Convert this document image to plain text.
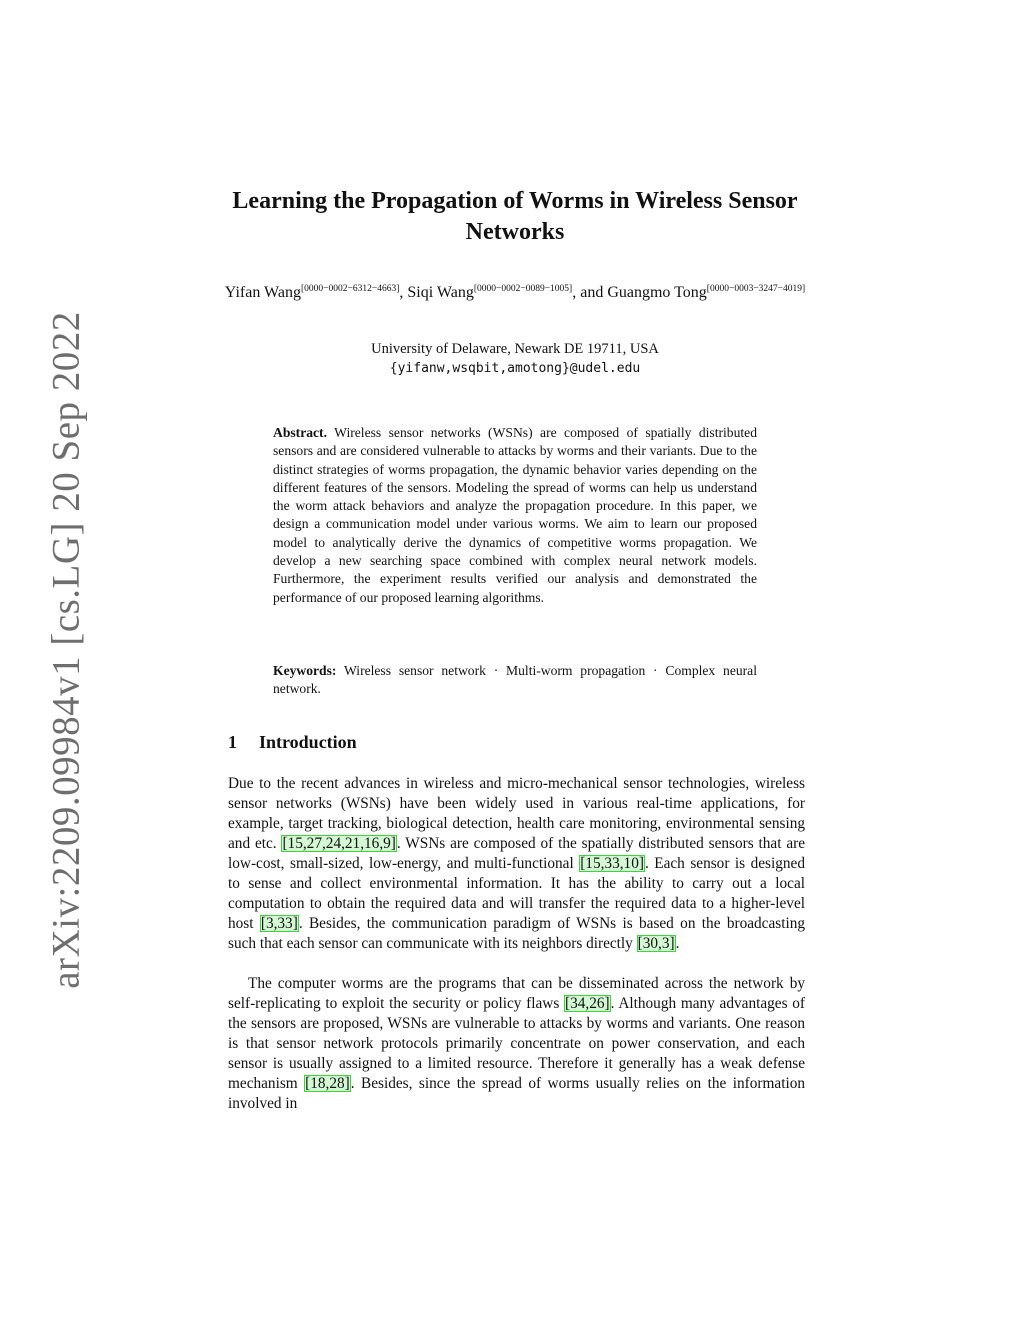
arXiv:2209.09984v1 [cs.LG] 20 Sep 2022
Learning the Propagation of Worms in Wireless Sensor Networks
Yifan Wang[0000−0002−6312−4663], Siqi Wang[0000−0002−0089−1005], and Guangmo Tong[0000−0003−3247−4019]
University of Delaware, Newark DE 19711, USA
{yifanw,wsqbit,amotong}@udel.edu
Abstract. Wireless sensor networks (WSNs) are composed of spatially distributed sensors and are considered vulnerable to attacks by worms and their variants. Due to the distinct strategies of worms propagation, the dynamic behavior varies depending on the different features of the sensors. Modeling the spread of worms can help us understand the worm attack behaviors and analyze the propagation procedure. In this paper, we design a communication model under various worms. We aim to learn our proposed model to analytically derive the dynamics of competitive worms propagation. We develop a new searching space combined with complex neural network models. Furthermore, the experiment results verified our analysis and demonstrated the performance of our proposed learning algorithms.
Keywords: Wireless sensor network · Multi-worm propagation · Complex neural network.
1 Introduction
Due to the recent advances in wireless and micro-mechanical sensor technologies, wireless sensor networks (WSNs) have been widely used in various real-time applications, for example, target tracking, biological detection, health care monitoring, environmental sensing and etc. [15,27,24,21,16,9]. WSNs are composed of the spatially distributed sensors that are low-cost, small-sized, low-energy, and multi-functional [15,33,10]. Each sensor is designed to sense and collect environmental information. It has the ability to carry out a local computation to obtain the required data and will transfer the required data to a higher-level host [3,33]. Besides, the communication paradigm of WSNs is based on the broadcasting such that each sensor can communicate with its neighbors directly [30,3].
The computer worms are the programs that can be disseminated across the network by self-replicating to exploit the security or policy flaws [34,26]. Although many advantages of the sensors are proposed, WSNs are vulnerable to attacks by worms and variants. One reason is that sensor network protocols primarily concentrate on power conservation, and each sensor is usually assigned to a limited resource. Therefore it generally has a weak defense mechanism [18,28]. Besides, since the spread of worms usually relies on the information involved in
